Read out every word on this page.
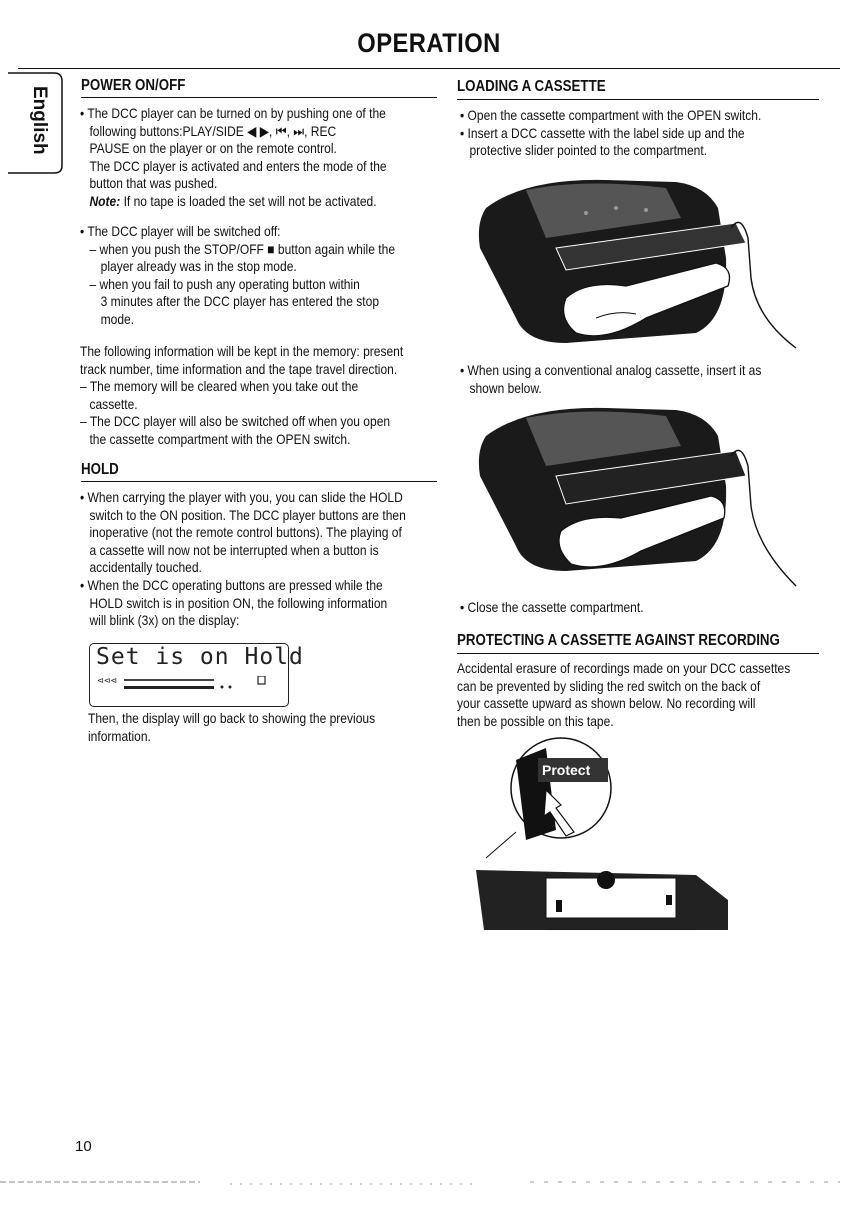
OPERATION
English
POWER ON/OFF
• The DCC player can be turned on by pushing one of the
following buttons:PLAY/SIDE ◀ ▶, ⏮, ⏭, REC
PAUSE on the player or on the remote control.
The DCC player is activated and enters the mode of the
button that was pushed.
Note: If no tape is loaded the set will not be activated.
• The DCC player will be switched off:
– when you push the STOP/OFF ■ button again while the
player already was in the stop mode.
– when you fail to push any operating button within
3 minutes after the DCC player has entered the stop
mode.
The following information will be kept in the memory: present
track number, time information and the tape travel direction.
– The memory will be cleared when you take out the
cassette.
– The DCC player will also be switched off when you open
the cassette compartment with the OPEN switch.
HOLD
• When carrying the player with you, you can slide the HOLD
switch to the ON position. The DCC player buttons are then
inoperative (not the remote control buttons). The playing of
a cassette will now not be interrupted when a button is
accidentally touched.
• When the DCC operating buttons are pressed while the
HOLD switch is in position ON, the following information
will blink (3x) on the display:
Set is on Hold
⊲⊲⊲
Then, the display will go back to showing the previous
information.
LOADING A CASSETTE
• Open the cassette compartment with the OPEN switch.
• Insert a DCC cassette with the label side up and the
protective slider pointed to the compartment.
• When using a conventional analog cassette, insert it as
shown below.
• Close the cassette compartment.
PROTECTING A CASSETTE AGAINST RECORDING
Accidental erasure of recordings made on your DCC cassettes
can be prevented by sliding the red switch on the back of
your cassette upward as shown below. No recording will
then be possible on this tape.
Protect
10
